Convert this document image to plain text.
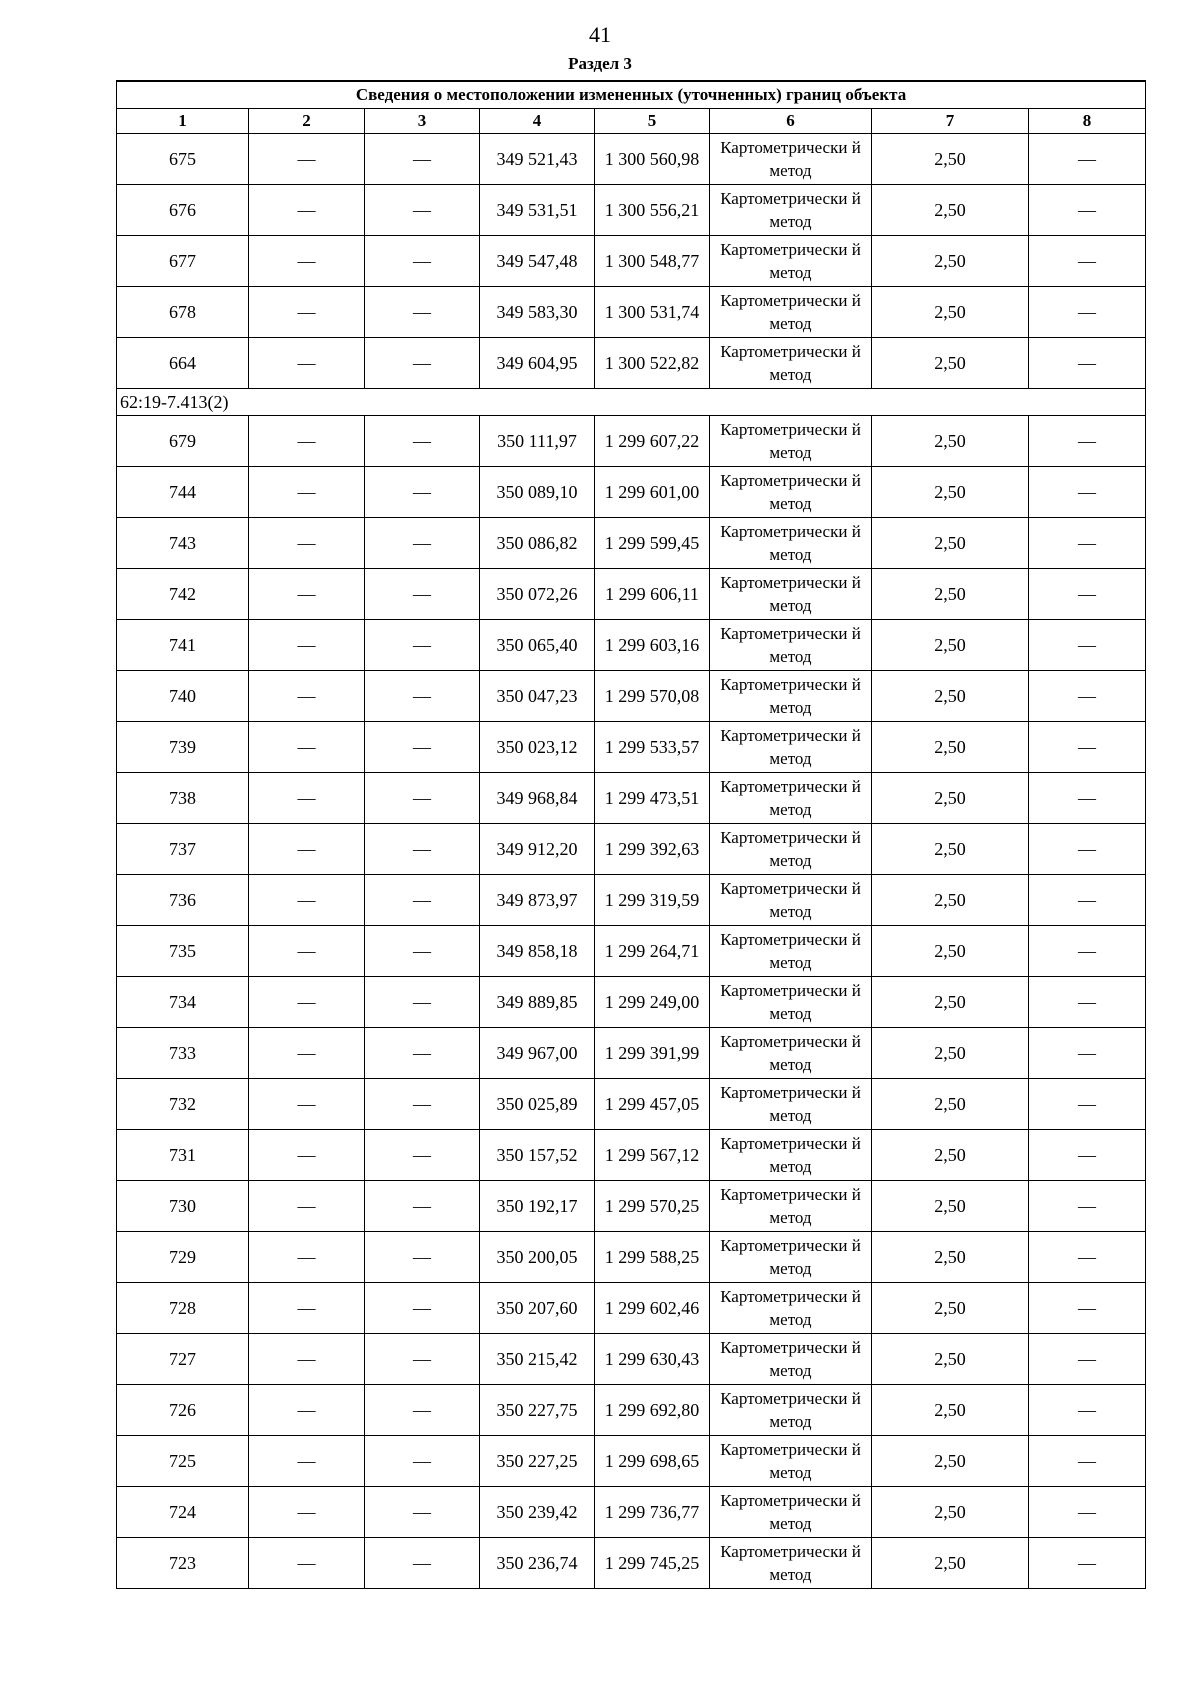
41
Раздел 3
Сведения о местоположении измененных (уточненных) границ объекта							
1	2	3	4	5	6	7	8
675	—	—	349 521,43	1 300 560,98	Картометрически й метод	2,50	—
676	—	—	349 531,51	1 300 556,21	Картометрически й метод	2,50	—
677	—	—	349 547,48	1 300 548,77	Картометрически й метод	2,50	—
678	—	—	349 583,30	1 300 531,74	Картометрически й метод	2,50	—
664	—	—	349 604,95	1 300 522,82	Картометрически й метод	2,50	—
62:19-7.413(2)							
679	—	—	350 111,97	1 299 607,22	Картометрически й метод	2,50	—
744	—	—	350 089,10	1 299 601,00	Картометрически й метод	2,50	—
743	—	—	350 086,82	1 299 599,45	Картометрически й метод	2,50	—
742	—	—	350 072,26	1 299 606,11	Картометрически й метод	2,50	—
741	—	—	350 065,40	1 299 603,16	Картометрически й метод	2,50	—
740	—	—	350 047,23	1 299 570,08	Картометрически й метод	2,50	—
739	—	—	350 023,12	1 299 533,57	Картометрически й метод	2,50	—
738	—	—	349 968,84	1 299 473,51	Картометрически й метод	2,50	—
737	—	—	349 912,20	1 299 392,63	Картометрически й метод	2,50	—
736	—	—	349 873,97	1 299 319,59	Картометрически й метод	2,50	—
735	—	—	349 858,18	1 299 264,71	Картометрически й метод	2,50	—
734	—	—	349 889,85	1 299 249,00	Картометрически й метод	2,50	—
733	—	—	349 967,00	1 299 391,99	Картометрически й метод	2,50	—
732	—	—	350 025,89	1 299 457,05	Картометрически й метод	2,50	—
731	—	—	350 157,52	1 299 567,12	Картометрически й метод	2,50	—
730	—	—	350 192,17	1 299 570,25	Картометрически й метод	2,50	—
729	—	—	350 200,05	1 299 588,25	Картометрически й метод	2,50	—
728	—	—	350 207,60	1 299 602,46	Картометрически й метод	2,50	—
727	—	—	350 215,42	1 299 630,43	Картометрически й метод	2,50	—
726	—	—	350 227,75	1 299 692,80	Картометрически й метод	2,50	—
725	—	—	350 227,25	1 299 698,65	Картометрически й метод	2,50	—
724	—	—	350 239,42	1 299 736,77	Картометрически й метод	2,50	—
723	—	—	350 236,74	1 299 745,25	Картометрически й метод	2,50	—
